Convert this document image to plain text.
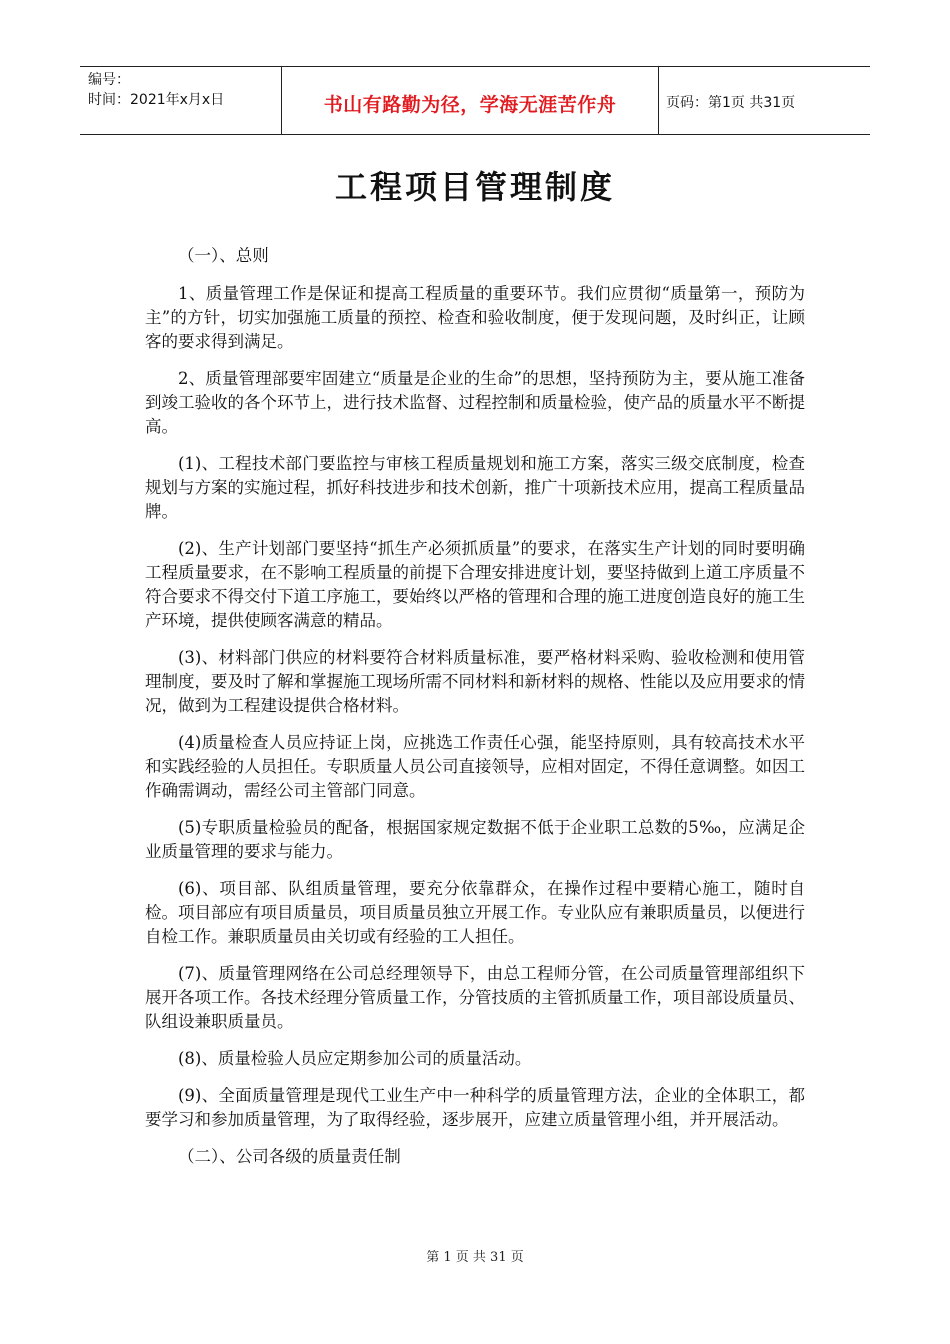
编号：
时间：2021年x月x日	书山有路勤为径，学海无涯苦作舟	页码：第1页 共31页
工程项目管理制度

（一）、总则

1、质量管理工作是保证和提高工程质量的重要环节。我们应贯彻“质量第一，预防为主”的方针，切实加强施工质量的预控、检查和验收制度，便于发现问题，及时纠正，让顾客的要求得到满足。

2、质量管理部要牢固建立“质量是企业的生命”的思想，坚持预防为主，要从施工准备到竣工验收的各个环节上，进行技术监督、过程控制和质量检验，使产品的质量水平不断提高。

(1)、工程技术部门要监控与审核工程质量规划和施工方案，落实三级交底制度，检查规划与方案的实施过程，抓好科技进步和技术创新，推广十项新技术应用，提高工程质量品牌。

(2)、生产计划部门要坚持“抓生产必须抓质量”的要求，在落实生产计划的同时要明确工程质量要求，在不影响工程质量的前提下合理安排进度计划，要坚持做到上道工序质量不符合要求不得交付下道工序施工，要始终以严格的管理和合理的施工进度创造良好的施工生产环境，提供使顾客满意的精品。

(3)、材料部门供应的材料要符合材料质量标准，要严格材料采购、验收检测和使用管理制度，要及时了解和掌握施工现场所需不同材料和新材料的规格、性能以及应用要求的情况，做到为工程建设提供合格材料。

(4)质量检查人员应持证上岗，应挑选工作责任心强，能坚持原则，具有较高技术水平和实践经验的人员担任。专职质量人员公司直接领导，应相对固定，不得任意调整。如因工作确需调动，需经公司主管部门同意。

(5)专职质量检验员的配备，根据国家规定数据不低于企业职工总数的5‰，应满足企业质量管理的要求与能力。

(6)、项目部、队组质量管理，要充分依靠群众，在操作过程中要精心施工，随时自检。项目部应有项目质量员，项目质量员独立开展工作。专业队应有兼职质量员，以便进行自检工作。兼职质量员由关切或有经验的工人担任。

(7)、质量管理网络在公司总经理领导下，由总工程师分管，在公司质量管理部组织下展开各项工作。各技术经理分管质量工作，分管技质的主管抓质量工作，项目部设质量员、队组设兼职质量员。

(8)、质量检验人员应定期参加公司的质量活动。

(9)、全面质量管理是现代工业生产中一种科学的质量管理方法，企业的全体职工，都要学习和参加质量管理，为了取得经验，逐步展开，应建立质量管理小组，并开展活动。

（二）、公司各级的质量责任制

第 1 页 共 31 页
